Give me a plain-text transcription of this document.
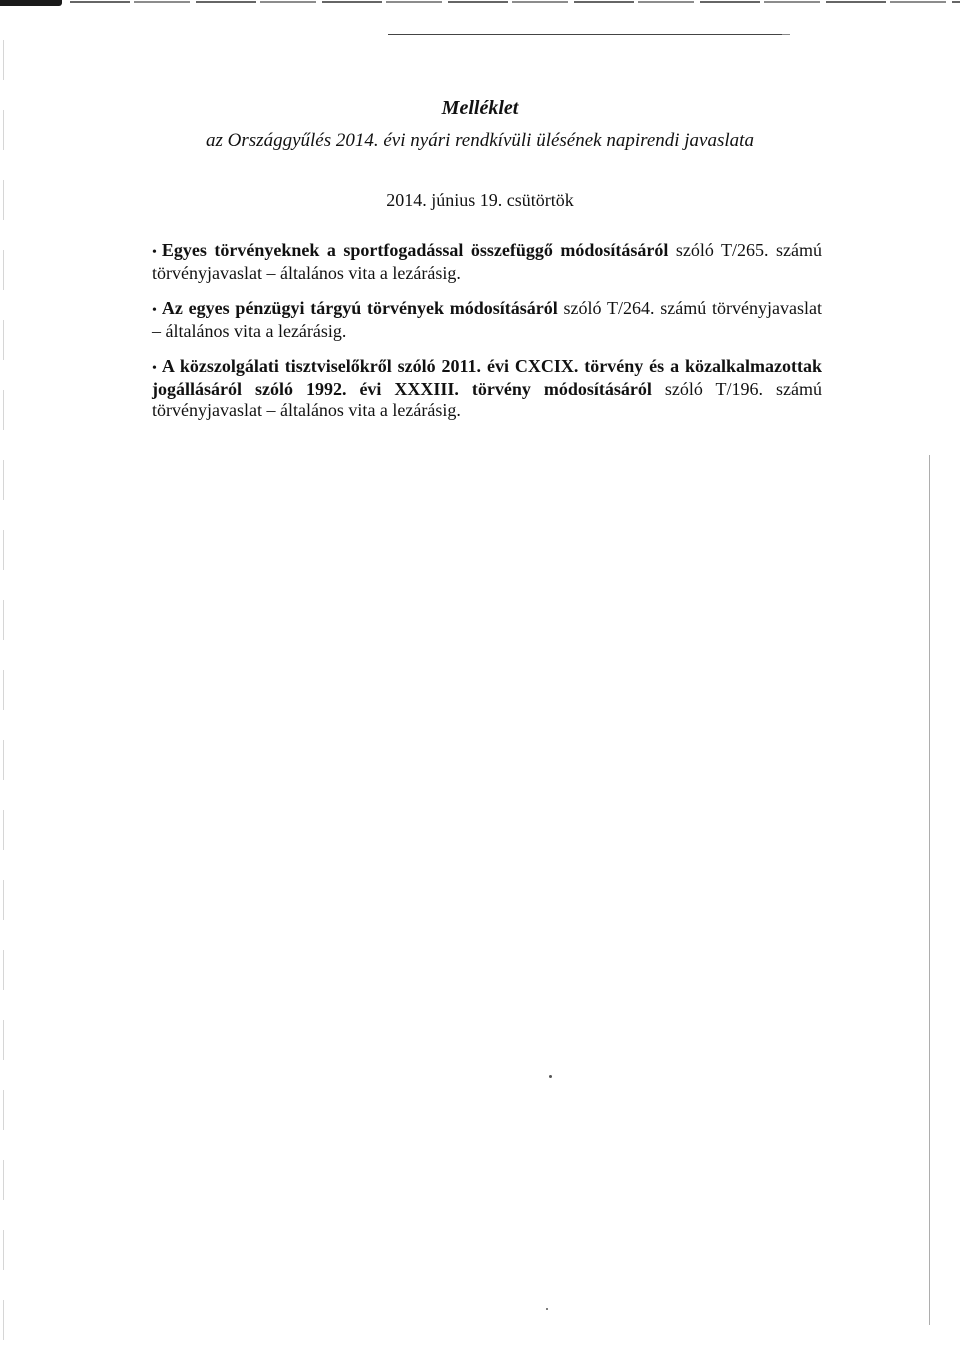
Melléklet

az Országgyűlés 2014. évi nyári rendkívüli ülésének napirendi javaslata

2014. június 19. csütörtök

• Egyes törvényeknek a sportfogadással összefüggő módosításáról szóló T/265. számú törvényjavaslat – általános vita a lezárásig.
• Az egyes pénzügyi tárgyú törvények módosításáról szóló T/264. számú törvényjavaslat – általános vita a lezárásig.
• A közszolgálati tisztviselőkről szóló 2011. évi CXCIX. törvény és a közalkalmazottak jogállásáról szóló 1992. évi XXXIII. törvény módosításáról szóló T/196. számú törvényjavaslat – általános vita a lezárásig.
